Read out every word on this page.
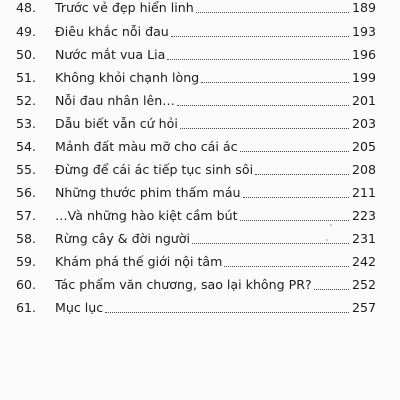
48.	Trước vẻ đẹp hiển linh	189
49.	Điêu khắc nỗi đau	193
50.	Nước mắt vua Lia	196
51.	Không khỏi chạnh lòng	199
52.	Nỗi đau nhân lên…	201
53.	Dẫu biết vẫn cứ hỏi	203
54.	Mảnh đất màu mỡ cho cái ác	205
55.	Đừng để cái ác tiếp tục sinh sôi	208
56.	Những thước phim thấm máu	211
57.	…Và những hào kiệt cầm bút	223
58.	Rừng cây & đời người	231
59.	Khám phá thế giới nội tâm	242
60.	Tác phẩm văn chương, sao lại không PR?	252
61.	Mục lục	257
